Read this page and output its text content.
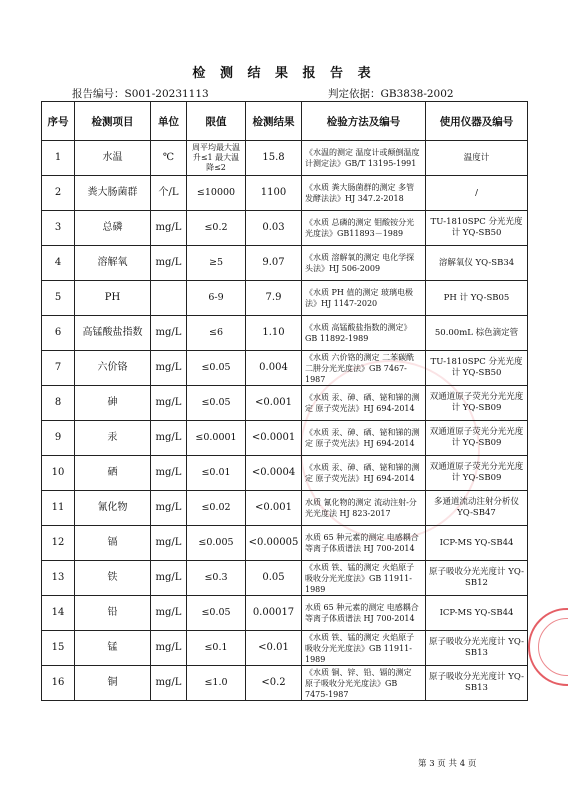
检 测 结 果 报 告 表
报告编号：S001-20231113	判定依据：GB3838-2002
序号	检测项目	单位	限值	检测结果	检验方法及编号	使用仪器及编号
1	水温	℃	周平均最大温升≤1 最大温降≤2	15.8	《水温的测定 温度计或颠倒温度计测定法》GB/T 13195-1991	温度计
2	粪大肠菌群	个/L	≤10000	1100	《水质 粪大肠菌群的测定 多管发酵法法》HJ 347.2-2018	/
3	总磷	mg/L	≤0.2	0.03	《水质 总磷的测定 钼酸铵分光光度法》GB11893－1989	TU-1810SPC 分光光度计 YQ-SB50
4	溶解氧	mg/L	≥5	9.07	《水质 溶解氧的测定 电化学探头法》HJ 506-2009	溶解氧仪 YQ-SB34
5	PH		6-9	7.9	《水质 PH 值的测定 玻璃电极法》HJ 1147-2020	PH 计 YQ-SB05
6	高锰酸盐指数	mg/L	≤6	1.10	《水质 高锰酸盐指数的测定》GB 11892-1989	50.00mL 棕色滴定管
7	六价铬	mg/L	≤0.05	0.004	《水质 六价铬的测定 二苯碳酰二肼分光光度法》GB 7467-1987	TU-1810SPC 分光光度计 YQ-SB50
8	砷	mg/L	≤0.05	<0.001	《水质 汞、砷、硒、铋和锑的测定 原子荧光法》HJ 694-2014	双通道原子荧光分光光度计 YQ-SB09
9	汞	mg/L	≤0.0001	<0.0001	《水质 汞、砷、硒、铋和锑的测定 原子荧光法》HJ 694-2014	双通道原子荧光分光光度计 YQ-SB09
10	硒	mg/L	≤0.01	<0.0004	《水质 汞、砷、硒、铋和锑的测定 原子荧光法》HJ 694-2014	双通道原子荧光分光光度计 YQ-SB09
11	氰化物	mg/L	≤0.02	<0.001	水质 氰化物的测定 流动注射-分光光度法 HJ 823-2017	多通道流动注射分析仪 YQ-SB47
12	镉	mg/L	≤0.005	<0.00005	水质 65 种元素的测定 电感耦合等离子体质谱法 HJ 700-2014	ICP-MS YQ-SB44
13	铁	mg/L	≤0.3	0.05	《水质 铁、锰的测定 火焰原子吸收分光光度法》GB 11911-1989	原子吸收分光光度计 YQ-SB12
14	铅	mg/L	≤0.05	0.00017	水质 65 种元素的测定 电感耦合等离子体质谱法 HJ 700-2014	ICP-MS YQ-SB44
15	锰	mg/L	≤0.1	<0.01	《水质 铁、锰的测定 火焰原子吸收分光光度法》GB 11911-1989	原子吸收分光光度计 YQ-SB13
16	铜	mg/L	≤1.0	<0.2	《水质 铜、锌、铅、镉的测定 原子吸收分光光度法》GB 7475-1987	原子吸收分光光度计 YQ-SB13
第 3 页 共 4 页
